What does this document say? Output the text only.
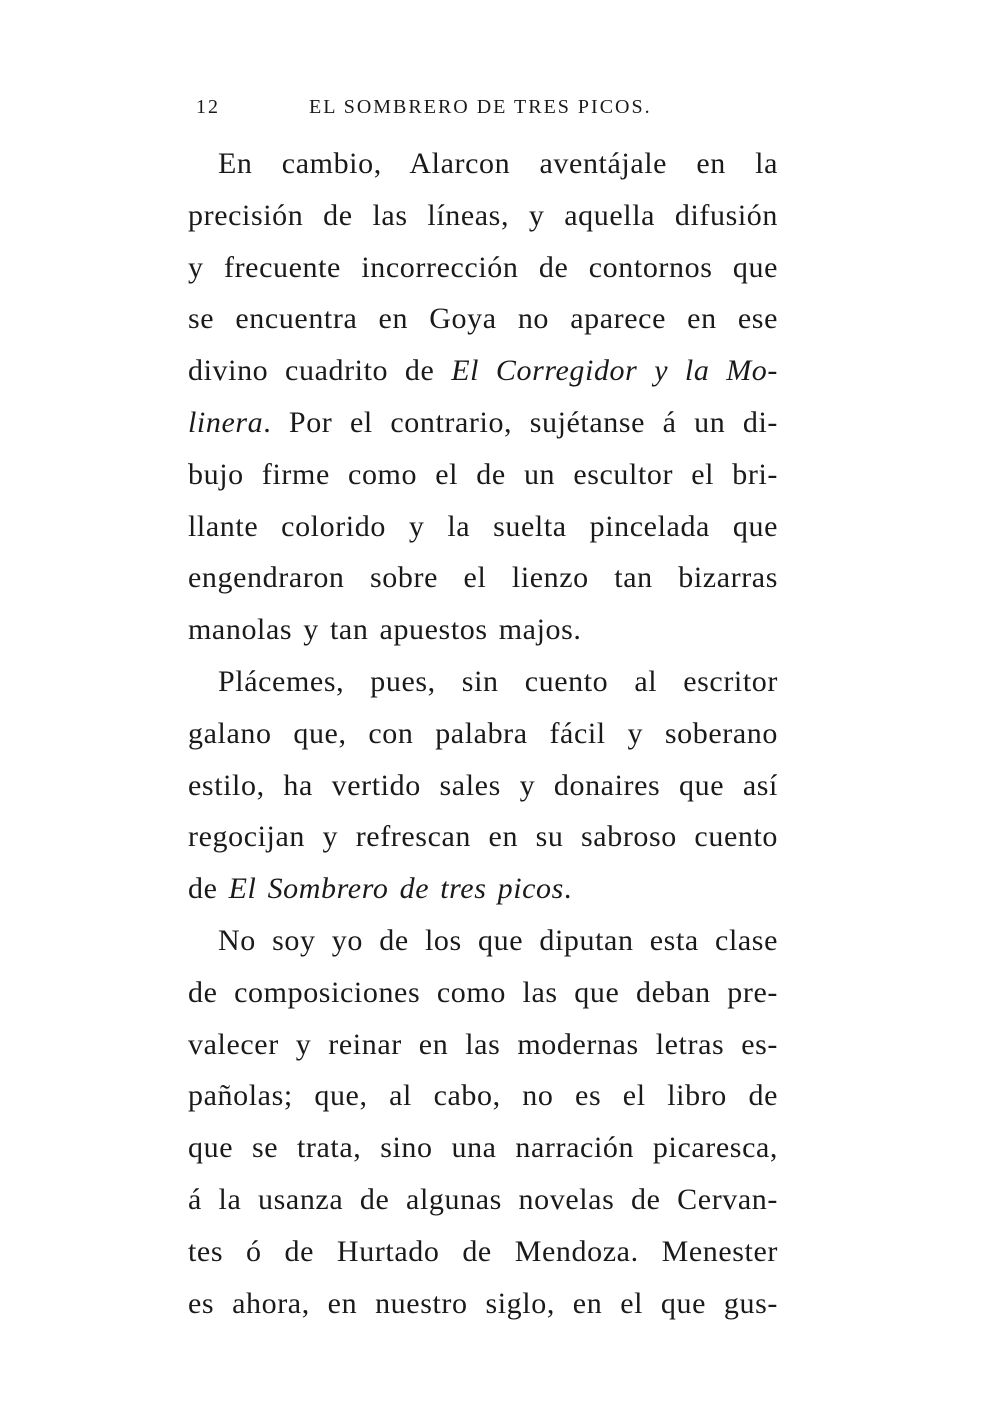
12	EL SOMBRERO DE TRES PICOS.
En cambio, Alarcon aventájale en la
precisión de las líneas, y aquella difusión
y frecuente incorrección de contornos que
se encuentra en Goya no aparece en ese
divino cuadrito de El Corregidor y la Mo-
linera. Por el contrario, sujétanse á un di-
bujo firme como el de un escultor el bri-
llante colorido y la suelta pincelada que
engendraron sobre el lienzo tan bizarras
manolas y tan apuestos majos.
Plácemes, pues, sin cuento al escritor
galano que, con palabra fácil y soberano
estilo, ha vertido sales y donaires que así
regocijan y refrescan en su sabroso cuento
de El Sombrero de tres picos.
No soy yo de los que diputan esta clase
de composiciones como las que deban pre-
valecer y reinar en las modernas letras es-
pañolas; que, al cabo, no es el libro de
que se trata, sino una narración picaresca,
á la usanza de algunas novelas de Cervan-
tes ó de Hurtado de Mendoza. Menester
es ahora, en nuestro siglo, en el que gus-
